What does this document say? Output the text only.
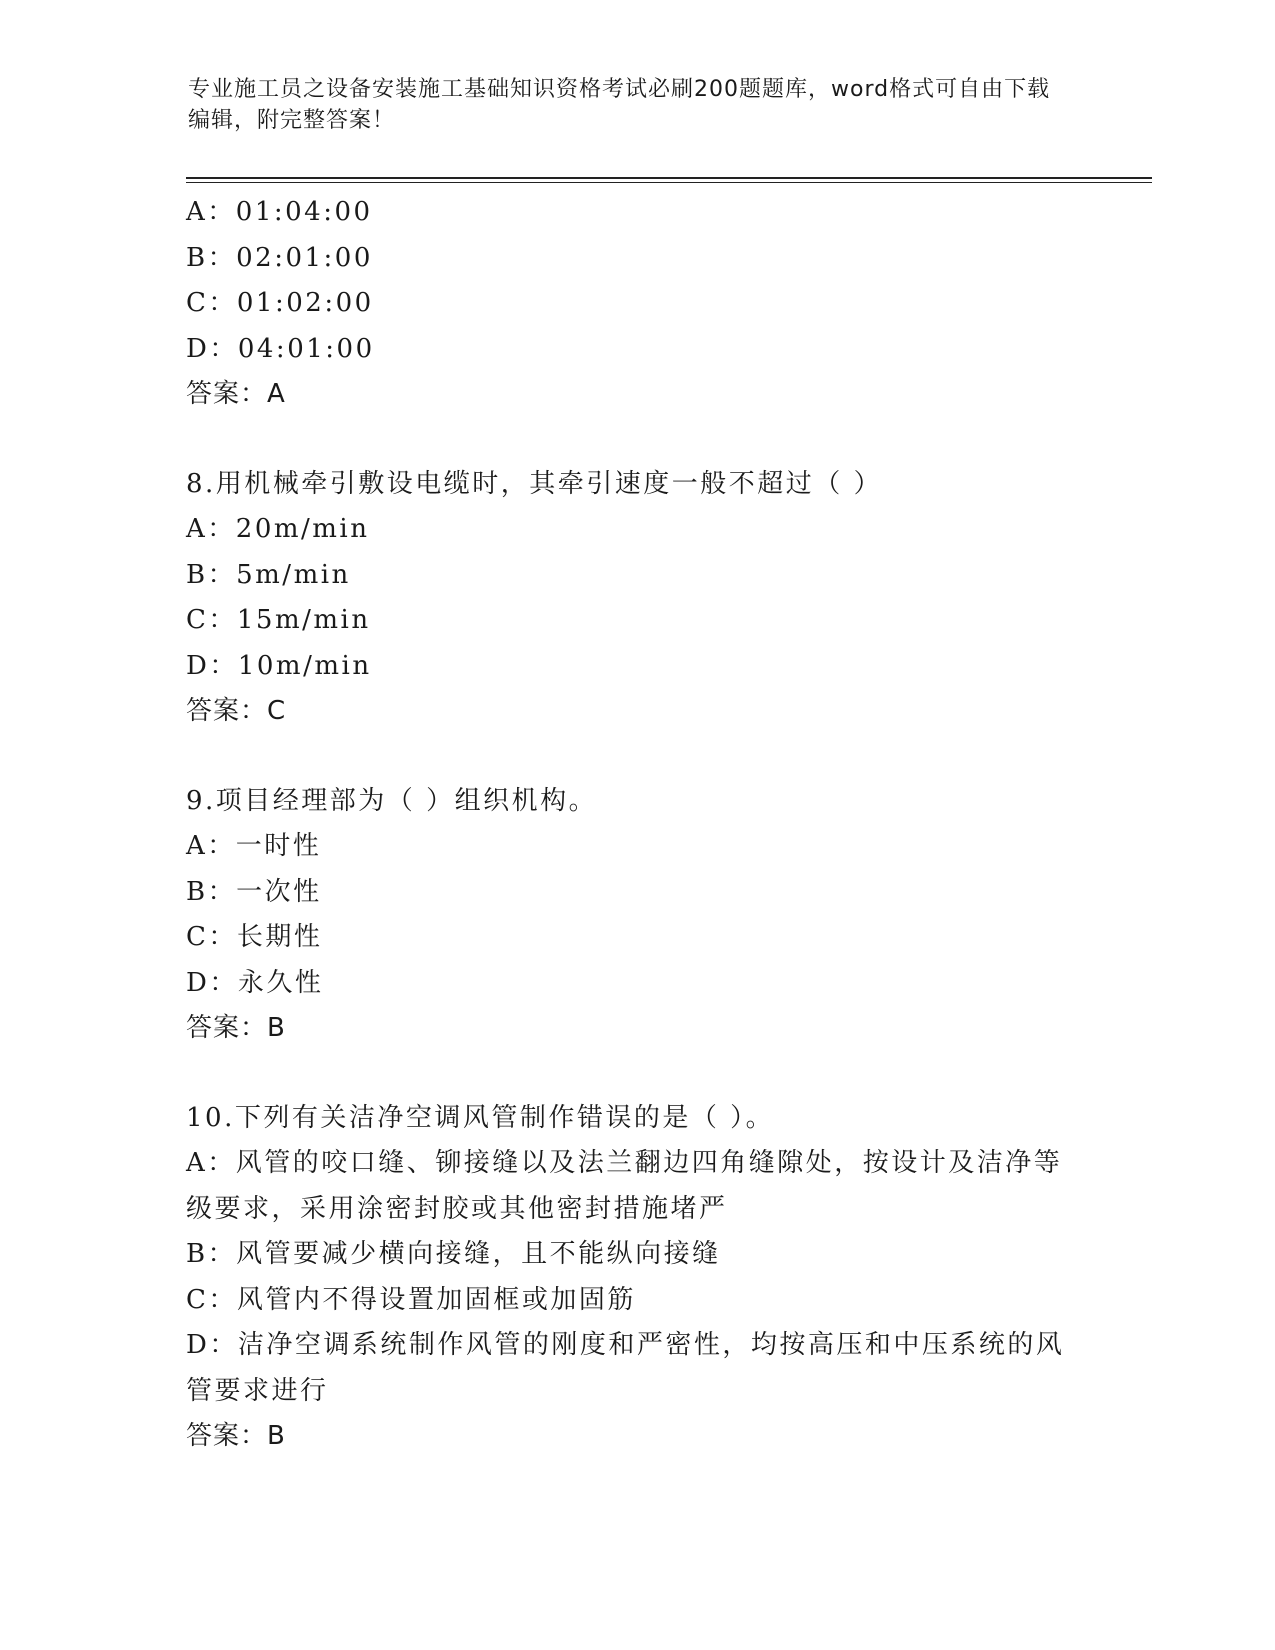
专业施工员之设备安装施工基础知识资格考试必刷200题题库，word格式可自由下载编辑，附完整答案！
A：01:04:00
B：02:01:00
C：01:02:00
D：04:01:00
答案：A
8.用机械牵引敷设电缆时，其牵引速度一般不超过（ ）
A：20m/min
B：5m/min
C：15m/min
D：10m/min
答案：C
9.项目经理部为（ ）组织机构。
A：一时性
B：一次性
C：长期性
D：永久性
答案：B
10.下列有关洁净空调风管制作错误的是（ ）。
A：风管的咬口缝、铆接缝以及法兰翻边四角缝隙处，按设计及洁净等级要求，采用涂密封胶或其他密封措施堵严
B：风管要减少横向接缝，且不能纵向接缝
C：风管内不得设置加固框或加固筋
D：洁净空调系统制作风管的刚度和严密性，均按高压和中压系统的风管要求进行
答案：B
